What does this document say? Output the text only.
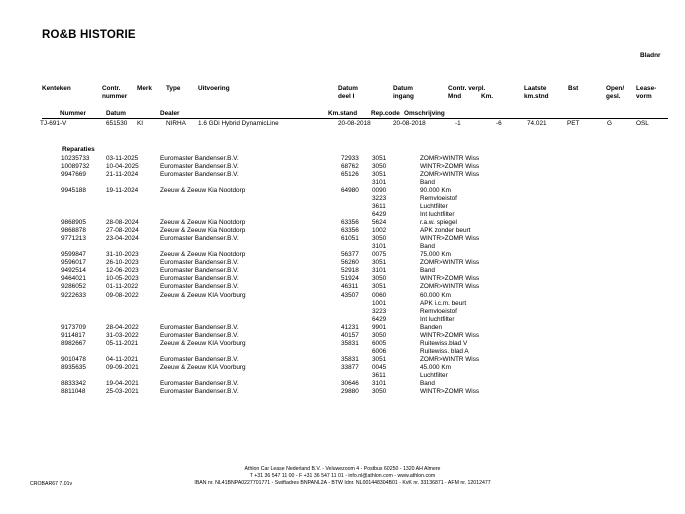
RO&B HISTORIE
Bladnr
Kenteken	Contr.
nummer
Merk Type	Uitvoering	Datum
deel I
Datum
ingang
Contr. verpl.
Mnd	Km.
Laatste
km.stnd
Bst	Open/
gesl.
Lease-
vorm
Nummer	Datum	Dealer	Km.stand Rep.code Omschrijving
TJ-691-V	651530 KI	NIRHA 1.6 GDi Hybrid DynamicLine	20-08-2018	20-08-2018	-1	-6	74.021	PET	G	OSL
Reparaties
10235733	03-11-2025	Euromaster Bandenser.B.V.	72933 3051	ZOMR>WINTR Wiss
10089732	10-04-2025	Euromaster Bandenser.B.V.	68762 3050	WINTR>ZOMR Wiss
9947669	21-11-2024	Euromaster Bandenser.B.V.	65126 3051	ZOMR>WINTR Wiss
3101	Band
9945188	19-11-2024	Zeeuw & Zeeuw Kia Nootdorp	64980 0090	90.000 Km
3223	Remvloeistof
3611	Luchtfilter
6429	Int luchtfilter
9868905	28-08-2024	Zeeuw & Zeeuw Kia Nootdorp	63356 5624	r.a.w. spiegel
9868878	27-08-2024	Zeeuw & Zeeuw Kia Nootdorp	63356 1002	APK zonder beurt
9771213	23-04-2024	Euromaster Bandenser.B.V.	61051 3050	WINTR>ZOMR Wiss
3101	Band
9599847	31-10-2023	Zeeuw & Zeeuw Kia Nootdorp	56377 0075	75.000 Km
9596017	26-10-2023	Euromaster Bandenser.B.V.	56260 3051	ZOMR>WINTR Wiss
9492514	12-06-2023	Euromaster Bandenser.B.V.	52918 3101	Band
9464021	10-05-2023	Euromaster Bandenser.B.V.	51924 3050	WINTR>ZOMR Wiss
9286052	01-11-2022	Euromaster Bandenser.B.V.	46311 3051	ZOMR>WINTR Wiss
9222633	09-08-2022	Zeeuw & Zeeuw KIA Voorburg	43507 0060	60.000 Km
1001	APK i.c.m. beurt
3223	Remvloeistof
6429	Int luchtfilter
9173709	28-04-2022	Euromaster Bandenser.B.V.	41231 9901	Banden
9114817	31-03-2022	Euromaster Bandenser.B.V.	40157 3050	WINTR>ZOMR Wiss
8982667	05-11-2021	Zeeuw & Zeeuw KIA Voorburg	35831 6005	Ruitewiss.blad V
6006	Ruitewiss. blad A
9010478	04-11-2021	Euromaster Bandenser.B.V.	35831 3051	ZOMR>WINTR Wiss
8935635	09-09-2021	Zeeuw & Zeeuw KIA Voorburg	33877 0045	45.000 Km
3611	Luchtfilter
8833342	19-04-2021	Euromaster Bandenser.B.V.	30646 3101	Band
8811048	25-03-2021	Euromaster Bandenser.B.V.	29880 3050	WINTR>ZOMR Wiss
Athlon Car Lease Nederland B.V. - Veluwezoom 4 - Postbus 60250 - 1320 AH Almere
T +31 36 547 11 00 - F +31 36 547 11 01 - info.nl@athlon.com - www.athlon.com
IBAN nr. NL41BNPA0227701771 - Swiftadres BNPANL2A - BTW Idnr. NL001448304B01 - KvK nr. 33136871 - AFM nr. 12012477
CROBAR67 7.01v
